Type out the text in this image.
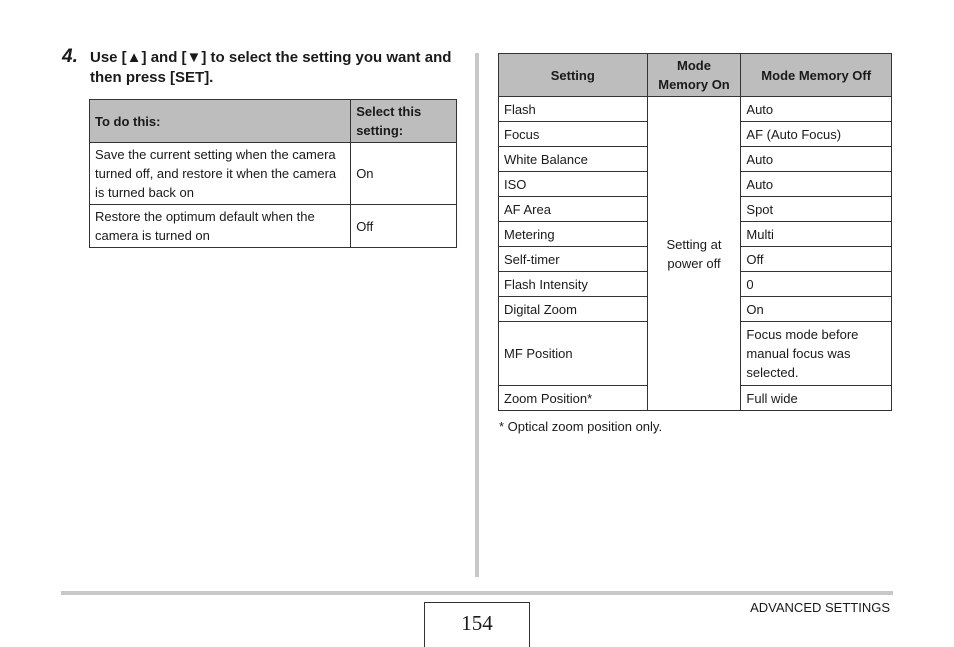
4. Use [▲] and [▼] to select the setting you want and then press [SET].
To do this:	Select this setting:
Save the current setting when the camera turned off, and restore it when the camera is turned back on	On
Restore the optimum default when the camera is turned on	Off
Setting	Mode Memory On	Mode Memory Off
Flash	Setting at power off	Auto
Focus		AF (Auto Focus)
White Balance		Auto
ISO		Auto
AF Area		Spot
Metering		Multi
Self-timer		Off
Flash Intensity		0
Digital Zoom		On
MF Position		Focus mode before manual focus was selected.
Zoom Position*		Full wide
* Optical zoom position only.
ADVANCED SETTINGS
154
